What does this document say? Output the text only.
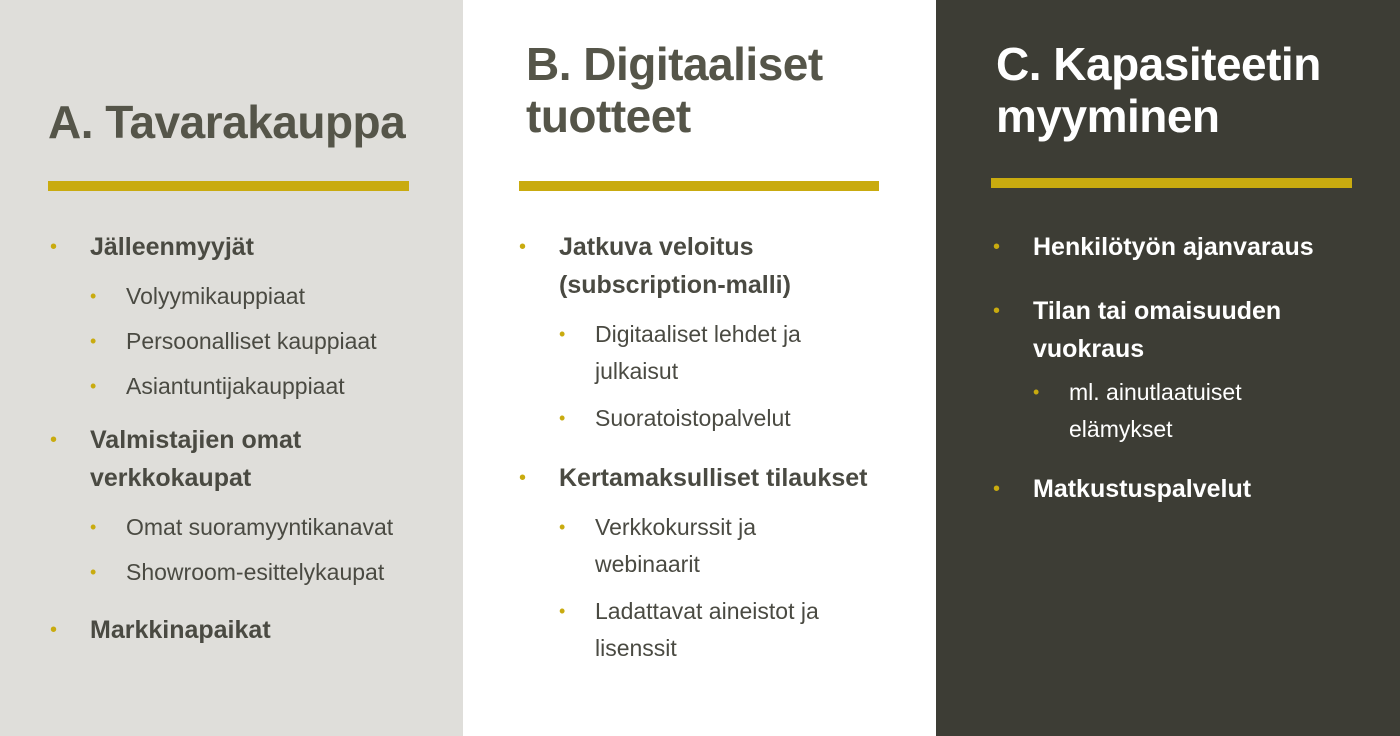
A. Tavarakauppa
• Jälleenmyyjät
• Volyymikauppiaat
• Persoonalliset kauppiaat
• Asiantuntijakauppiaat
• Valmistajien omat verkkokaupat
• Omat suoramyyntikanavat
• Showroom-esittelykaupat
• Markkinapaikat
B. Digitaaliset
tuotteet
• Jatkuva veloitus (subscription-malli)
• Digitaaliset lehdet ja julkaisut
• Suoratoistopalvelut
• Kertamaksulliset tilaukset
• Verkkokurssit ja webinaarit
• Ladattavat aineistot ja lisenssit
C. Kapasiteetin
myyminen
• Henkilötyön ajanvaraus
• Tilan tai omaisuuden vuokraus
• ml. ainutlaatuiset elämykset
• Matkustuspalvelut
